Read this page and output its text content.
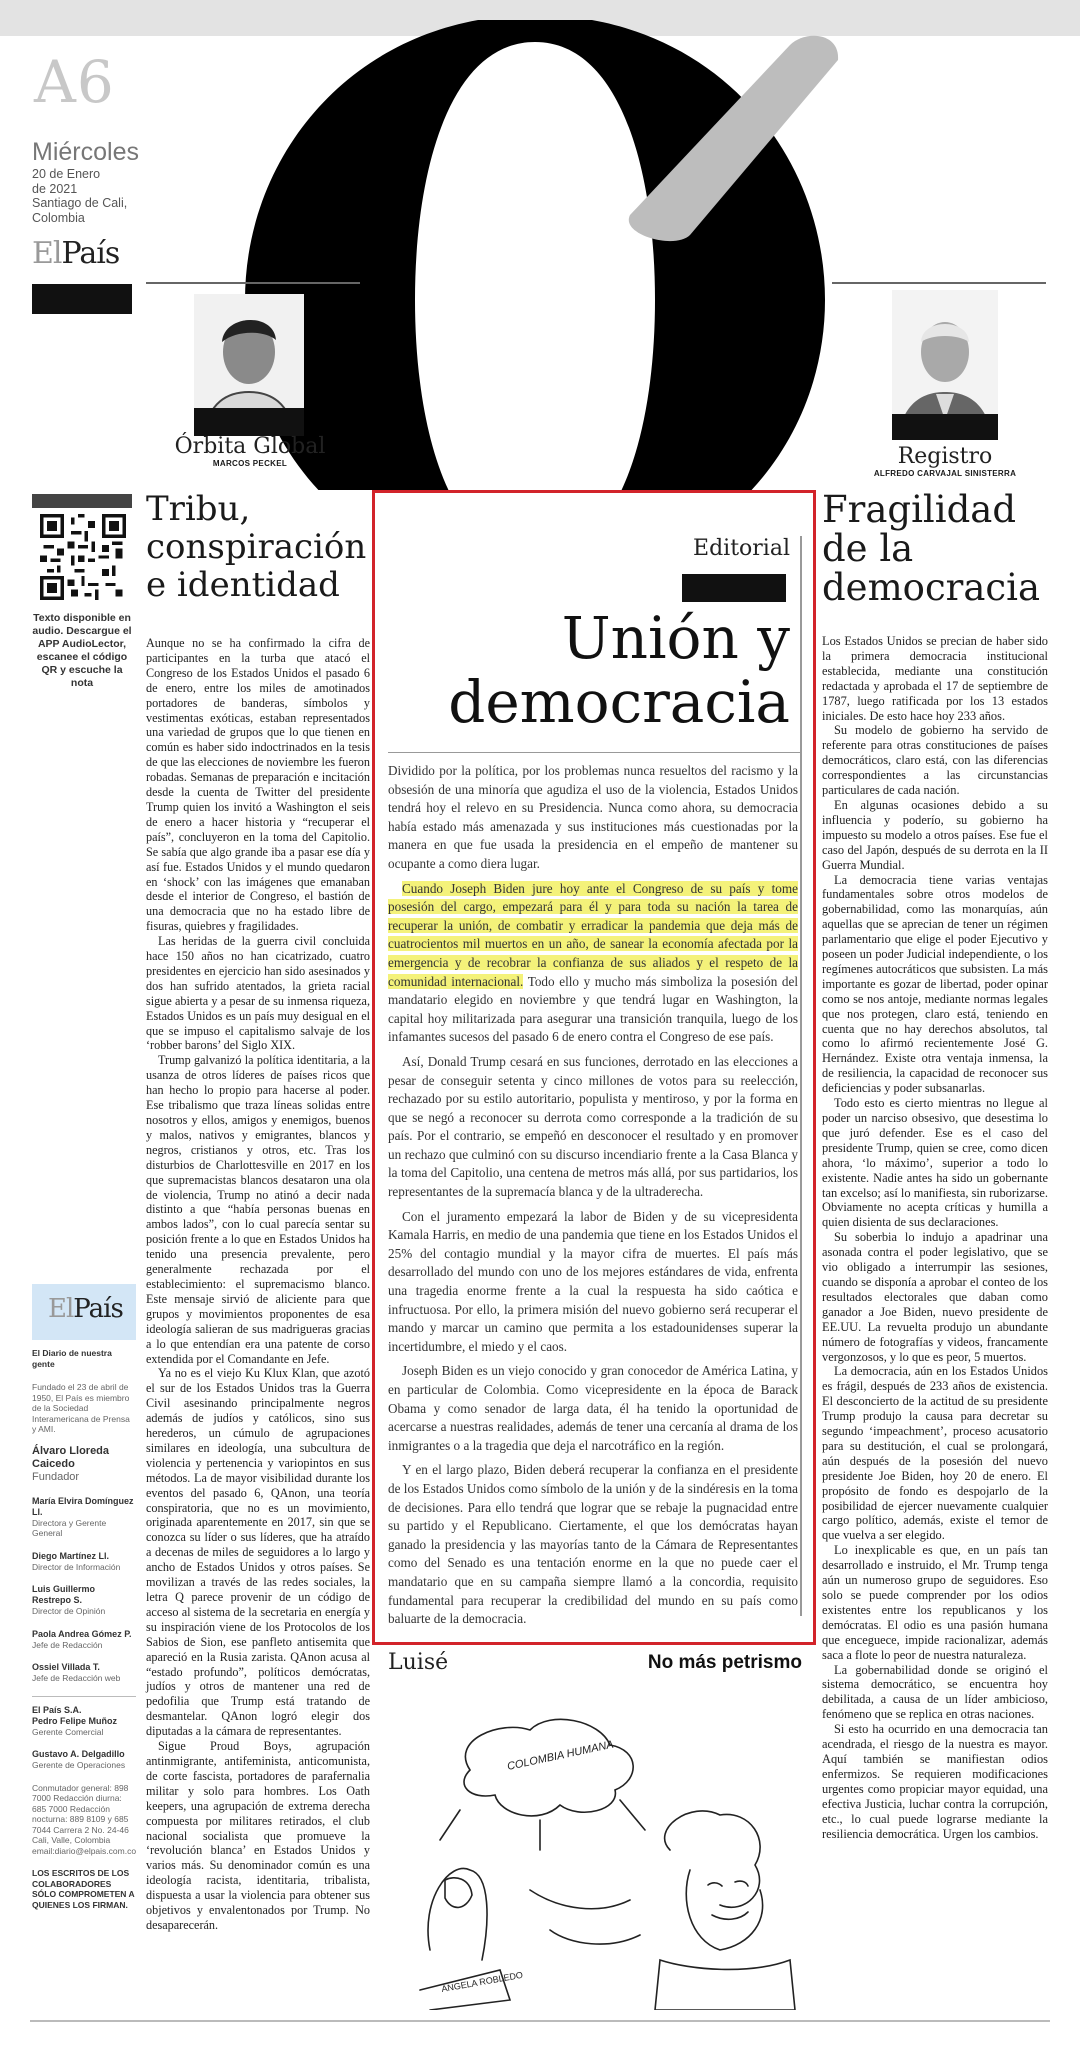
A6
Miércoles
20 de Enero
de 2021
Santiago de Cali,
Colombia
ElPaís
Órbita Global
MARCOS PECKEL	Registro
ALFREDO CARVAJAL SINISTERRA
Texto disponible en audio. Descargue el APP AudioLector, escanee el código QR y escuche la nota
ElPaís
El Diario de nuestra gente
Fundado el 23 de abril de 1950, El País es miembro de la Sociedad Interamericana de Prensa y AMI.
Álvaro Lloreda Caicedo
Fundador
María Elvira Domínguez Ll.
Directora y Gerente General
Diego Martínez Ll.
Director de Información
Luis Guillermo Restrepo S.
Director de Opinión
Paola Andrea Gómez P.
Jefe de Redacción
Ossiel Villada T.
Jefe de Redacción web
El País S.A.
Pedro Felipe Muñoz
Gerente Comercial
Gustavo A. Delgadillo
Gerente de Operaciones
Conmutador general: 898 7000 Redacción diurna: 685 7000 Redacción nocturna: 889 8109 y 685 7044 Carrera 2 No. 24-46 Cali, Valle, Colombia email:diario@elpais.com.co
LOS ESCRITOS DE LOS COLABORADORES SÓLO COMPROMETEN A QUIENES LOS FIRMAN.
Tribu,
conspiración
e identidad

Aunque no se ha confirmado la cifra de participantes en la turba que atacó el Congreso de los Estados Unidos el pasado 6 de enero, entre los miles de amotinados portadores de banderas, símbolos y vestimentas exóticas, estaban representados una variedad de grupos que lo que tienen en común es haber sido indoctrinados en la tesis de que las elecciones de noviembre les fueron robadas. Semanas de preparación e incitación desde la cuenta de Twitter del presidente Trump quien los invitó a Washington el seis de enero a hacer historia y “recuperar el país”, concluyeron en la toma del Capitolio. Se sabía que algo grande iba a pasar ese día y así fue. Estados Unidos y el mundo quedaron en ‘shock’ con las imágenes que emanaban desde el interior de Congreso, el bastión de una democracia que no ha estado libre de fisuras, quiebres y fragilidades.

Las heridas de la guerra civil concluida hace 150 años no han cicatrizado, cuatro presidentes en ejercicio han sido asesinados y dos han sufrido atentados, la grieta racial sigue abierta y a pesar de su inmensa riqueza, Estados Unidos es un país muy desigual en el que se impuso el capitalismo salvaje de los ‘robber barons’ del Siglo XIX.

Trump galvanizó la política identitaria, a la usanza de otros líderes de países ricos que han hecho lo propio para hacerse al poder. Ese tribalismo que traza líneas solidas entre nosotros y ellos, amigos y enemigos, buenos y malos, nativos y emigrantes, blancos y negros, cristianos y otros, etc. Tras los disturbios de Charlottesville en 2017 en los que supremacistas blancos desataron una ola de violencia, Trump no atinó a decir nada distinto a que “había personas buenas en ambos lados”, con lo cual parecía sentar su posición frente a lo que en Estados Unidos ha tenido una presencia prevalente, pero generalmente rechazada por el establecimiento: el supremacismo blanco. Este mensaje sirvió de aliciente para que grupos y movimientos proponentes de esa ideología salieran de sus madrigueras gracias a lo que entendían era una patente de corso extendida por el Comandante en Jefe.

Ya no es el viejo Ku Klux Klan, que azotó el sur de los Estados Unidos tras la Guerra Civil asesinando principalmente negros además de judíos y católicos, sino sus herederos, un cúmulo de agrupaciones similares en ideología, una subcultura de violencia y pertenencia y variopintos en sus métodos. La de mayor visibilidad durante los eventos del pasado 6, QAnon, una teoría conspiratoria, que no es un movimiento, originada aparentemente en 2017, sin que se conozca su líder o sus líderes, que ha atraído a decenas de miles de seguidores a lo largo y ancho de Estados Unidos y otros países. Se movilizan a través de las redes sociales, la letra Q parece provenir de un código de acceso al sistema de la secretaria en energía y su inspiración viene de los Protocolos de los Sabios de Sion, ese panfleto antisemita que apareció en la Rusia zarista. QAnon acusa al “estado profundo”, políticos demócratas, judíos y otros de mantener una red de pedofilia que Trump está tratando de desmantelar. QAnon logró elegir dos diputadas a la cámara de representantes.

Sigue Proud Boys, agrupación antinmigrante, antifeminista, anticomunista, de corte fascista, portadores de parafernalia militar y solo para hombres. Los Oath keepers, una agrupación de extrema derecha compuesta por militares retirados, el club nacional socialista que promueve la ‘revolución blanca’ en Estados Unidos y varios más. Su denominador común es una ideología racista, identitaria, tribalista, dispuesta a usar la violencia para obtener sus objetivos y envalentonados por Trump. No desaparecerán.

Editorial
Unión y
democracia

Dividido por la política, por los problemas nunca resueltos del racismo y la obsesión de una minoría que agudiza el uso de la violencia, Estados Unidos tendrá hoy el relevo en su Presidencia. Nunca como ahora, su democracia había estado más amenazada y sus instituciones más cuestionadas por la manera en que fue usada la presidencia en el empeño de mantener su ocupante a como diera lugar.

Cuando Joseph Biden jure hoy ante el Congreso de su país y tome posesión del cargo, empezará para él y para toda su nación la tarea de recuperar la unión, de combatir y erradicar la pandemia que deja más de cuatrocientos mil muertos en un año, de sanear la economía afectada por la emergencia y de recobrar la confianza de sus aliados y el respeto de la comunidad internacional. Todo ello y mucho más simboliza la posesión del mandatario elegido en noviembre y que tendrá lugar en Washington, la capital hoy militarizada para asegurar una transición tranquila, luego de los infamantes sucesos del pasado 6 de enero contra el Congreso de ese país.

Así, Donald Trump cesará en sus funciones, derrotado en las elecciones a pesar de conseguir setenta y cinco millones de votos para su reelección, rechazado por su estilo autoritario, populista y mentiroso, y por la forma en que se negó a reconocer su derrota como corresponde a la tradición de su país. Por el contrario, se empeñó en desconocer el resultado y en promover un rechazo que culminó con su discurso incendiario frente a la Casa Blanca y la toma del Capitolio, una centena de metros más allá, por sus partidarios, los representantes de la supremacía blanca y de la ultraderecha.

Con el juramento empezará la labor de Biden y de su vicepresidenta Kamala Harris, en medio de una pandemia que tiene en los Estados Unidos el 25% del contagio mundial y la mayor cifra de muertes. El país más desarrollado del mundo con uno de los mejores estándares de vida, enfrenta una tragedia enorme frente a la cual la respuesta ha sido caótica e infructuosa. Por ello, la primera misión del nuevo gobierno será recuperar el mando y marcar un camino que permita a los estadounidenses superar la incertidumbre, el miedo y el caos.

Joseph Biden es un viejo conocido y gran conocedor de América Latina, y en particular de Colombia. Como vicepresidente en la época de Barack Obama y como senador de larga data, él ha tenido la oportunidad de acercarse a nuestras realidades, además de tener una cercanía al drama de los inmigrantes o a la tragedia que deja el narcotráfico en la región.

Y en el largo plazo, Biden deberá recuperar la confianza en el presidente de los Estados Unidos como símbolo de la unión y de la sindéresis en la toma de decisiones. Para ello tendrá que lograr que se rebaje la pugnacidad entre su partido y el Republicano. Ciertamente, el que los demócratas hayan ganado la presidencia y las mayorías tanto de la Cámara de Representantes como del Senado es una tentación enorme en la que no puede caer el mandatario que en su campaña siempre llamó a la concordia, requisito fundamental para recuperar la credibilidad del mundo en su país como baluarte de la democracia.

Luisé	No más petrismo
COLOMBIA HUMANA
ANGELA ROBLEDO
Fragilidad
de la
democracia

Los Estados Unidos se precian de haber sido la primera democracia institucional establecida, mediante una constitución redactada y aprobada el 17 de septiembre de 1787, luego ratificada por los 13 estados iniciales. De esto hace hoy 233 años.

Su modelo de gobierno ha servido de referente para otras constituciones de países democráticos, claro está, con las diferencias correspondientes a las circunstancias particulares de cada nación.

En algunas ocasiones debido a su influencia y poderío, su gobierno ha impuesto su modelo a otros países. Ese fue el caso del Japón, después de su derrota en la II Guerra Mundial.

La democracia tiene varias ventajas fundamentales sobre otros modelos de gobernabilidad, como las monarquías, aún aquellas que se aprecian de tener un régimen parlamentario que elige el poder Ejecutivo y poseen un poder Judicial independiente, o los regímenes autocráticos que subsisten. La más importante es gozar de libertad, poder opinar como se nos antoje, mediante normas legales que nos protegen, claro está, teniendo en cuenta que no hay derechos absolutos, tal como lo afirmó recientemente José G. Hernández. Existe otra ventaja inmensa, la de resiliencia, la capacidad de reconocer sus deficiencias y poder subsanarlas.

Todo esto es cierto mientras no llegue al poder un narciso obsesivo, que desestima lo que juró defender. Ese es el caso del presidente Trump, quien se cree, como dicen ahora, ‘lo máximo’, superior a todo lo existente. Nadie antes ha sido un gobernante tan excelso; así lo manifiesta, sin ruborizarse. Obviamente no acepta críticas y humilla a quien disienta de sus declaraciones.

Su soberbia lo indujo a apadrinar una asonada contra el poder legislativo, que se vio obligado a interrumpir las sesiones, cuando se disponía a aprobar el conteo de los resultados electorales que daban como ganador a Joe Biden, nuevo presidente de EE.UU. La revuelta produjo un abundante número de fotografías y videos, francamente vergonzosos, y lo que es peor, 5 muertos.

La democracia, aún en los Estados Unidos es frágil, después de 233 años de existencia. El desconcierto de la actitud de su presidente Trump produjo la causa para decretar su segundo ‘impeachment’, proceso acusatorio para su destitución, el cual se prolongará, aún después de la posesión del nuevo presidente Joe Biden, hoy 20 de enero. El propósito de fondo es despojarlo de la posibilidad de ejercer nuevamente cualquier cargo político, además, existe el temor de que vuelva a ser elegido.

Lo inexplicable es que, en un país tan desarrollado e instruido, el Mr. Trump tenga aún un numeroso grupo de seguidores. Eso solo se puede comprender por los odios existentes entre los republicanos y los demócratas. El odio es una pasión humana que enceguece, impide racionalizar, además saca a flote lo peor de nuestra naturaleza.

La gobernabilidad donde se originó el sistema democrático, se encuentra hoy debilitada, a causa de un líder ambicioso, fenómeno que se replica en otras naciones.

Si esto ha ocurrido en una democracia tan acendrada, el riesgo de la nuestra es mayor. Aquí también se manifiestan odios enfermizos. Se requieren modificaciones urgentes como propiciar mayor equidad, una efectiva Justicia, luchar contra la corrupción, etc., lo cual puede lograrse mediante la resiliencia democrática. Urgen los cambios.
